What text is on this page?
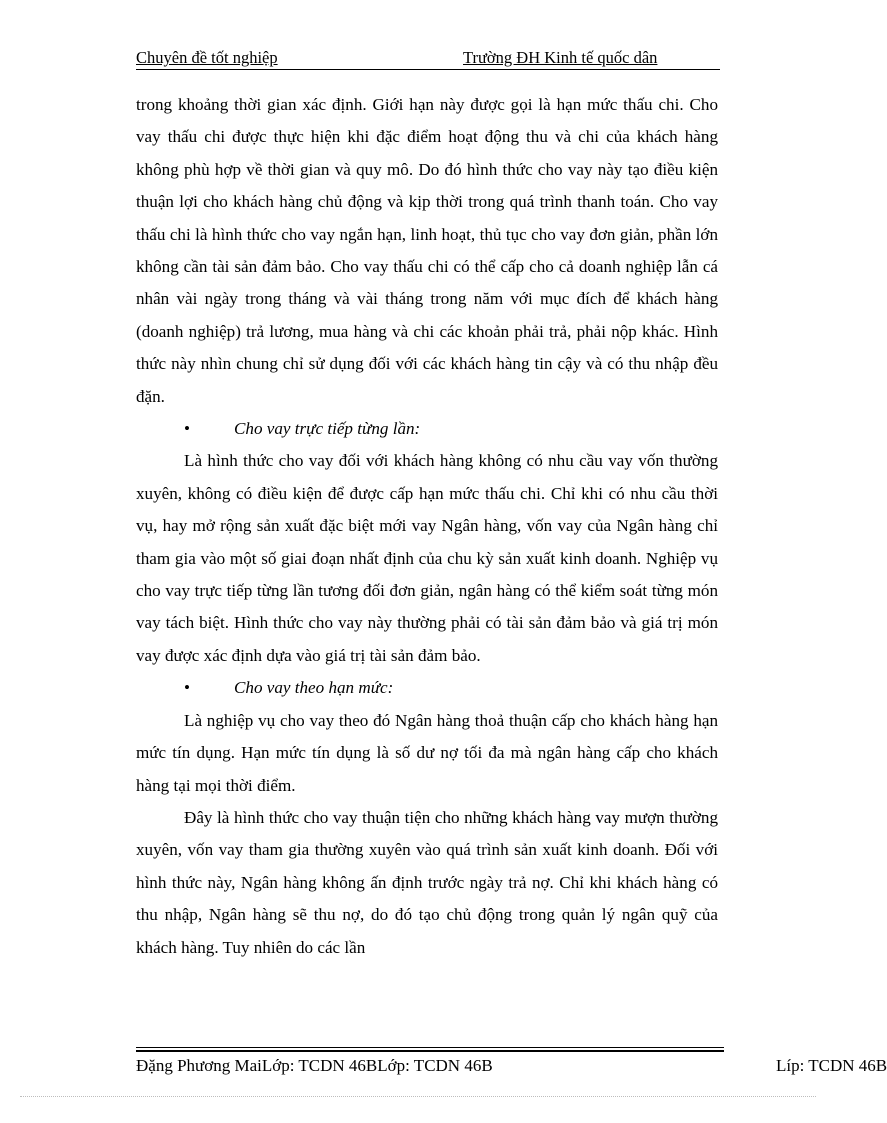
Chuyên đề tốt nghiệp	Trường ĐH Kinh tế quốc dân

trong khoảng thời gian xác định. Giới hạn này được gọi là hạn mức thấu chi. Cho vay thấu chi được thực hiện khi đặc điểm hoạt động thu và chi của khách hàng không phù hợp về thời gian và quy mô. Do đó hình thức cho vay này tạo điều kiện thuận lợi cho khách hàng chủ động và kịp thời trong quá trình thanh toán. Cho vay thấu chi là hình thức cho vay ngắn hạn, linh hoạt, thủ tục cho vay đơn giản, phần lớn không cần tài sản đảm bảo. Cho vay thấu chi có thể cấp cho cả doanh nghiệp lẫn cá nhân vài ngày trong tháng và vài tháng trong năm với mục đích để khách hàng (doanh nghiệp) trả lương, mua hàng và chi các khoản phải trả, phải nộp khác. Hình thức này nhìn chung chỉ sử dụng đối với các khách hàng tin cậy và có thu nhập đều đặn.

•	Cho vay trực tiếp từng lần:

Là hình thức cho vay đối với khách hàng không có nhu cầu vay vốn thường xuyên, không có điều kiện để được cấp hạn mức thấu chi. Chỉ khi có nhu cầu thời vụ, hay mở rộng sản xuất đặc biệt mới vay Ngân hàng, vốn vay của Ngân hàng chỉ tham gia vào một số giai đoạn nhất định của chu kỳ sản xuất kinh doanh. Nghiệp vụ cho vay trực tiếp từng lần tương đối đơn giản, ngân hàng có thể kiểm soát từng món vay tách biệt. Hình thức cho vay này thường phải có tài sản đảm bảo và giá trị món vay được xác định dựa vào giá trị tài sản đảm bảo.

•	Cho vay theo hạn mức:

Là nghiệp vụ cho vay theo đó Ngân hàng thoả thuận cấp cho khách hàng hạn mức tín dụng. Hạn mức tín dụng là số dư nợ tối đa mà ngân hàng cấp cho khách hàng tại mọi thời điểm.

Đây là hình thức cho vay thuận tiện cho những khách hàng vay mượn thường xuyên, vốn vay tham gia thường xuyên vào quá trình sản xuất kinh doanh. Đối với hình thức này, Ngân hàng không ấn định trước ngày trả nợ. Chỉ khi khách hàng có thu nhập, Ngân hàng sẽ thu nợ, do đó tạo chủ động trong quản lý ngân quỹ của khách hàng. Tuy nhiên do các lần

Đặng Phương MaiLớp: TCDN 46BLớp: TCDN 46B	Líp: TCDN 46B
